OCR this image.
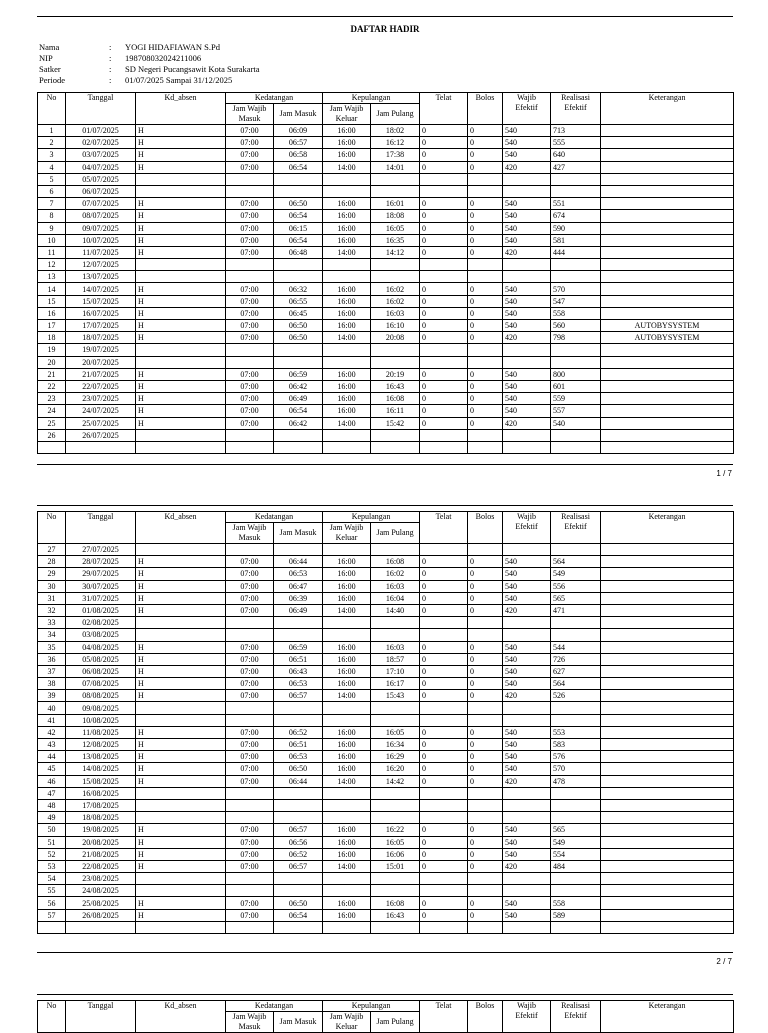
DAFTAR HADIR
Nama	: YOGI HIDAFIAWAN S.Pd
NIP	: 198708032024211006
Satker	: SD Negeri Pucangsawit Kota Surakarta
Periode	: 01/07/2025 Sampai 31/12/2025
No	Tanggal	Kd_absen	Kedatangan		Kepulangan		Telat	Bolos	Wajib Efektif	Realisasi Efektif	Keterangan
			Jam Wajib Masuk	Jam Masuk	Jam Wajib Keluar	Jam Pulang					
1	01/07/2025	H	07:00	06:09	16:00	18:02	0	0	540	713	
2	02/07/2025	H	07:00	06:57	16:00	16:12	0	0	540	555	
3	03/07/2025	H	07:00	06:58	16:00	17:38	0	0	540	640	
4	04/07/2025	H	07:00	06:54	14:00	14:01	0	0	420	427	
5	05/07/2025										
6	06/07/2025										
7	07/07/2025	H	07:00	06:50	16:00	16:01	0	0	540	551	
8	08/07/2025	H	07:00	06:54	16:00	18:08	0	0	540	674	
9	09/07/2025	H	07:00	06:15	16:00	16:05	0	0	540	590	
10	10/07/2025	H	07:00	06:54	16:00	16:35	0	0	540	581	
11	11/07/2025	H	07:00	06:48	14:00	14:12	0	0	420	444	
12	12/07/2025										
13	13/07/2025										
14	14/07/2025	H	07:00	06:32	16:00	16:02	0	0	540	570	
15	15/07/2025	H	07:00	06:55	16:00	16:02	0	0	540	547	
16	16/07/2025	H	07:00	06:45	16:00	16:03	0	0	540	558	
17	17/07/2025	H	07:00	06:50	16:00	16:10	0	0	540	560	AUTOBYSYSTEM
18	18/07/2025	H	07:00	06:50	14:00	20:08	0	0	420	798	AUTOBYSYSTEM
19	19/07/2025										
20	20/07/2025										
21	21/07/2025	H	07:00	06:59	16:00	20:19	0	0	540	800	
22	22/07/2025	H	07:00	06:42	16:00	16:43	0	0	540	601	
23	23/07/2025	H	07:00	06:49	16:00	16:08	0	0	540	559	
24	24/07/2025	H	07:00	06:54	16:00	16:11	0	0	540	557	
25	25/07/2025	H	07:00	06:42	14:00	15:42	0	0	420	540	
26	26/07/2025										

1 / 7
No	Tanggal	Kd_absen	Kedatangan		Kepulangan		Telat	Bolos	Wajib Efektif	Realisasi Efektif	Keterangan
			Jam Wajib Masuk	Jam Masuk	Jam Wajib Keluar	Jam Pulang					
27	27/07/2025										
28	28/07/2025	H	07:00	06:44	16:00	16:08	0	0	540	564	
29	29/07/2025	H	07:00	06:53	16:00	16:02	0	0	540	549	
30	30/07/2025	H	07:00	06:47	16:00	16:03	0	0	540	556	
31	31/07/2025	H	07:00	06:39	16:00	16:04	0	0	540	565	
32	01/08/2025	H	07:00	06:49	14:00	14:40	0	0	420	471	
33	02/08/2025										
34	03/08/2025										
35	04/08/2025	H	07:00	06:59	16:00	16:03	0	0	540	544	
36	05/08/2025	H	07:00	06:51	16:00	18:57	0	0	540	726	
37	06/08/2025	H	07:00	06:43	16:00	17:10	0	0	540	627	
38	07/08/2025	H	07:00	06:53	16:00	16:17	0	0	540	564	
39	08/08/2025	H	07:00	06:57	14:00	15:43	0	0	420	526	
40	09/08/2025										
41	10/08/2025										
42	11/08/2025	H	07:00	06:52	16:00	16:05	0	0	540	553	
43	12/08/2025	H	07:00	06:51	16:00	16:34	0	0	540	583	
44	13/08/2025	H	07:00	06:53	16:00	16:29	0	0	540	576	
45	14/08/2025	H	07:00	06:50	16:00	16:20	0	0	540	570	
46	15/08/2025	H	07:00	06:44	14:00	14:42	0	0	420	478	
47	16/08/2025										
48	17/08/2025										
49	18/08/2025										
50	19/08/2025	H	07:00	06:57	16:00	16:22	0	0	540	565	
51	20/08/2025	H	07:00	06:56	16:00	16:05	0	0	540	549	
52	21/08/2025	H	07:00	06:52	16:00	16:06	0	0	540	554	
53	22/08/2025	H	07:00	06:57	14:00	15:01	0	0	420	484	
54	23/08/2025										
55	24/08/2025										
56	25/08/2025	H	07:00	06:50	16:00	16:08	0	0	540	558	
57	26/08/2025	H	07:00	06:54	16:00	16:43	0	0	540	589	

2 / 7
No	Tanggal	Kd_absen	Kedatangan		Kepulangan		Telat	Bolos	Wajib Efektif	Realisasi Efektif	Keterangan
			Jam Wajib Masuk	Jam Masuk	Jam Wajib Keluar	Jam Pulang					
